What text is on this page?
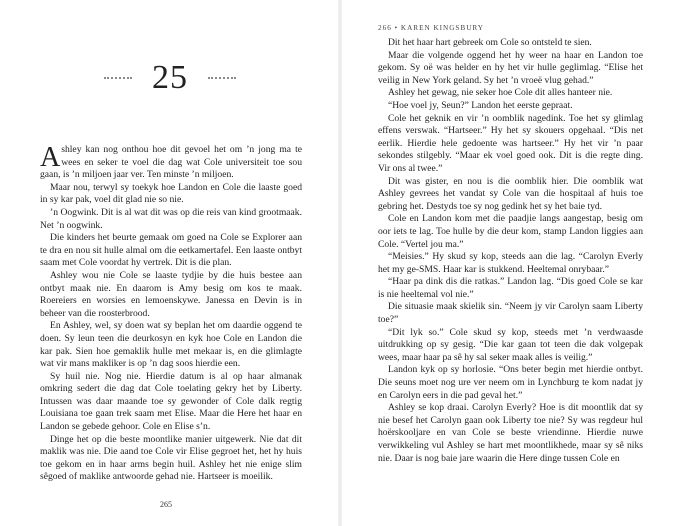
25

Ashley kan nog onthou hoe dit gevoel het om ’n jong ma te wees en seker te voel die dag wat Cole universiteit toe sou gaan, is ’n miljoen jaar ver. Ten minste ’n miljoen.

Maar nou, terwyl sy toekyk hoe Landon en Cole die laaste goed in sy kar pak, voel dit glad nie so nie.

’n Oogwink. Dit is al wat dit was op die reis van kind grootmaak. Net ’n oogwink.

Die kinders het beurte gemaak om goed na Cole se Explorer aan te dra en nou sit hulle almal om die eetkamertafel. Een laaste ontbyt saam met Cole voordat hy vertrek. Dit is die plan.

Ashley wou nie Cole se laaste tydjie by die huis bestee aan ontbyt maak nie. En daarom is Amy besig om kos te maak. Roereiers en worsies en lemoenskywe. Janessa en Devin is in beheer van die roosterbrood.

En Ashley, wel, sy doen wat sy beplan het om daardie oggend te doen. Sy leun teen die deurkosyn en kyk hoe Cole en Landon die kar pak. Sien hoe gemaklik hulle met mekaar is, en die glimlagte wat vir mans makliker is op ’n dag soos hierdie een.

Sy huil nie. Nog nie. Hierdie datum is al op haar almanak omkring sedert die dag dat Cole toelating gekry het by Liberty. Intussen was daar maande toe sy gewonder of Cole dalk regtig Louisiana toe gaan trek saam met Elise. Maar die Here het haar en Landon se gebede gehoor. Cole en Elise s’n.

Dinge het op die beste moontlike manier uitgewerk. Nie dat dit maklik was nie. Die aand toe Cole vir Elise gegroet het, het hy huis toe gekom en in haar arms begin huil. Ashley het nie enige slim sêgoed of maklike antwoorde gehad nie. Hartseer is moeilik.

265
266 • KAREN KINGSBURY

Dit het haar hart gebreek om Cole so ontsteld te sien.

Maar die volgende oggend het hy weer na haar en Landon toe gekom. Sy oë was helder en hy het vir hulle geglimlag. “Elise het veilig in New York geland. Sy het ’n vroeë vlug gehad.”

Ashley het gewag, nie seker hoe Cole dit alles hanteer nie.

“Hoe voel jy, Seun?” Landon het eerste gepraat.

Cole het geknik en vir ’n oomblik nagedink. Toe het sy glimlag effens verswak. “Hartseer.” Hy het sy skouers opgehaal. “Dis net eerlik. Hierdie hele gedoente was hartseer.” Hy het vir ’n paar sekondes stilgebly. “Maar ek voel goed ook. Dit is die regte ding. Vir ons al twee.”

Dit was gister, en nou is die oomblik hier. Die oomblik wat Ashley gevrees het vandat sy Cole van die hospitaal af huis toe gebring het. Destyds toe sy nog gedink het sy het baie tyd.

Cole en Landon kom met die paadjie langs aangestap, besig om oor iets te lag. Toe hulle by die deur kom, stamp Landon liggies aan Cole. “Vertel jou ma.”

“Meisies.” Hy skud sy kop, steeds aan die lag. “Carolyn Everly het my ge-SMS. Haar kar is stukkend. Heeltemal onrybaar.”

“Haar pa dink dis die ratkas.” Landon lag. “Dis goed Cole se kar is nie heeltemal vol nie.”

Die situasie maak skielik sin. “Neem jy vir Carolyn saam Liberty toe?”

“Dit lyk so.” Cole skud sy kop, steeds met ’n verdwaasde uitdrukking op sy gesig. “Die kar gaan tot teen die dak volgepak wees, maar haar pa sê hy sal seker maak alles is veilig.”

Landon kyk op sy horlosie. “Ons beter begin met hierdie ontbyt. Die seuns moet nog ure ver neem om in Lynchburg te kom nadat jy en Carolyn eers in die pad geval het.”

Ashley se kop draai. Carolyn Everly? Hoe is dit moontlik dat sy nie besef het Carolyn gaan ook Liberty toe nie? Sy was regdeur hul hoërskooljare en van Cole se beste vriendinne. Hierdie nuwe verwikkeling vul Ashley se hart met moontlikhede, maar sy sê niks nie. Daar is nog baie jare waarin die Here dinge tussen Cole en
